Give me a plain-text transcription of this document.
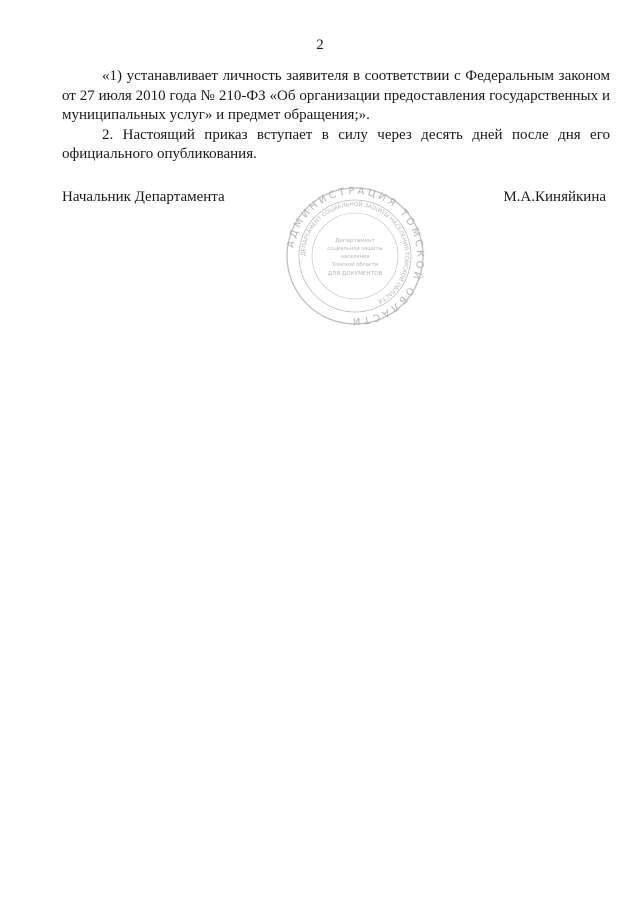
2

«1) устанавливает личность заявителя в соответствии с Федеральным законом от 27 июля 2010 года № 210-ФЗ «Об организации предоставления государственных и муниципальных услуг» и предмет обращения;».

2. Настоящий приказ вступает в силу через десять дней после дня его официального опубликования.

Начальник Департамента	М.А.Киняйкина
АДМИНИСТРАЦИЯ ТОМСКОЙ ОБЛАСТИ
ДЕПАРТАМЕНТ СОЦИАЛЬНОЙ ЗАЩИТЫ НАСЕЛЕНИЯ ТОМСКОЙ ОБЛАСТИ
Департамент
социальной защиты
населения
Томской области
ДЛЯ ДОКУМЕНТОВ
